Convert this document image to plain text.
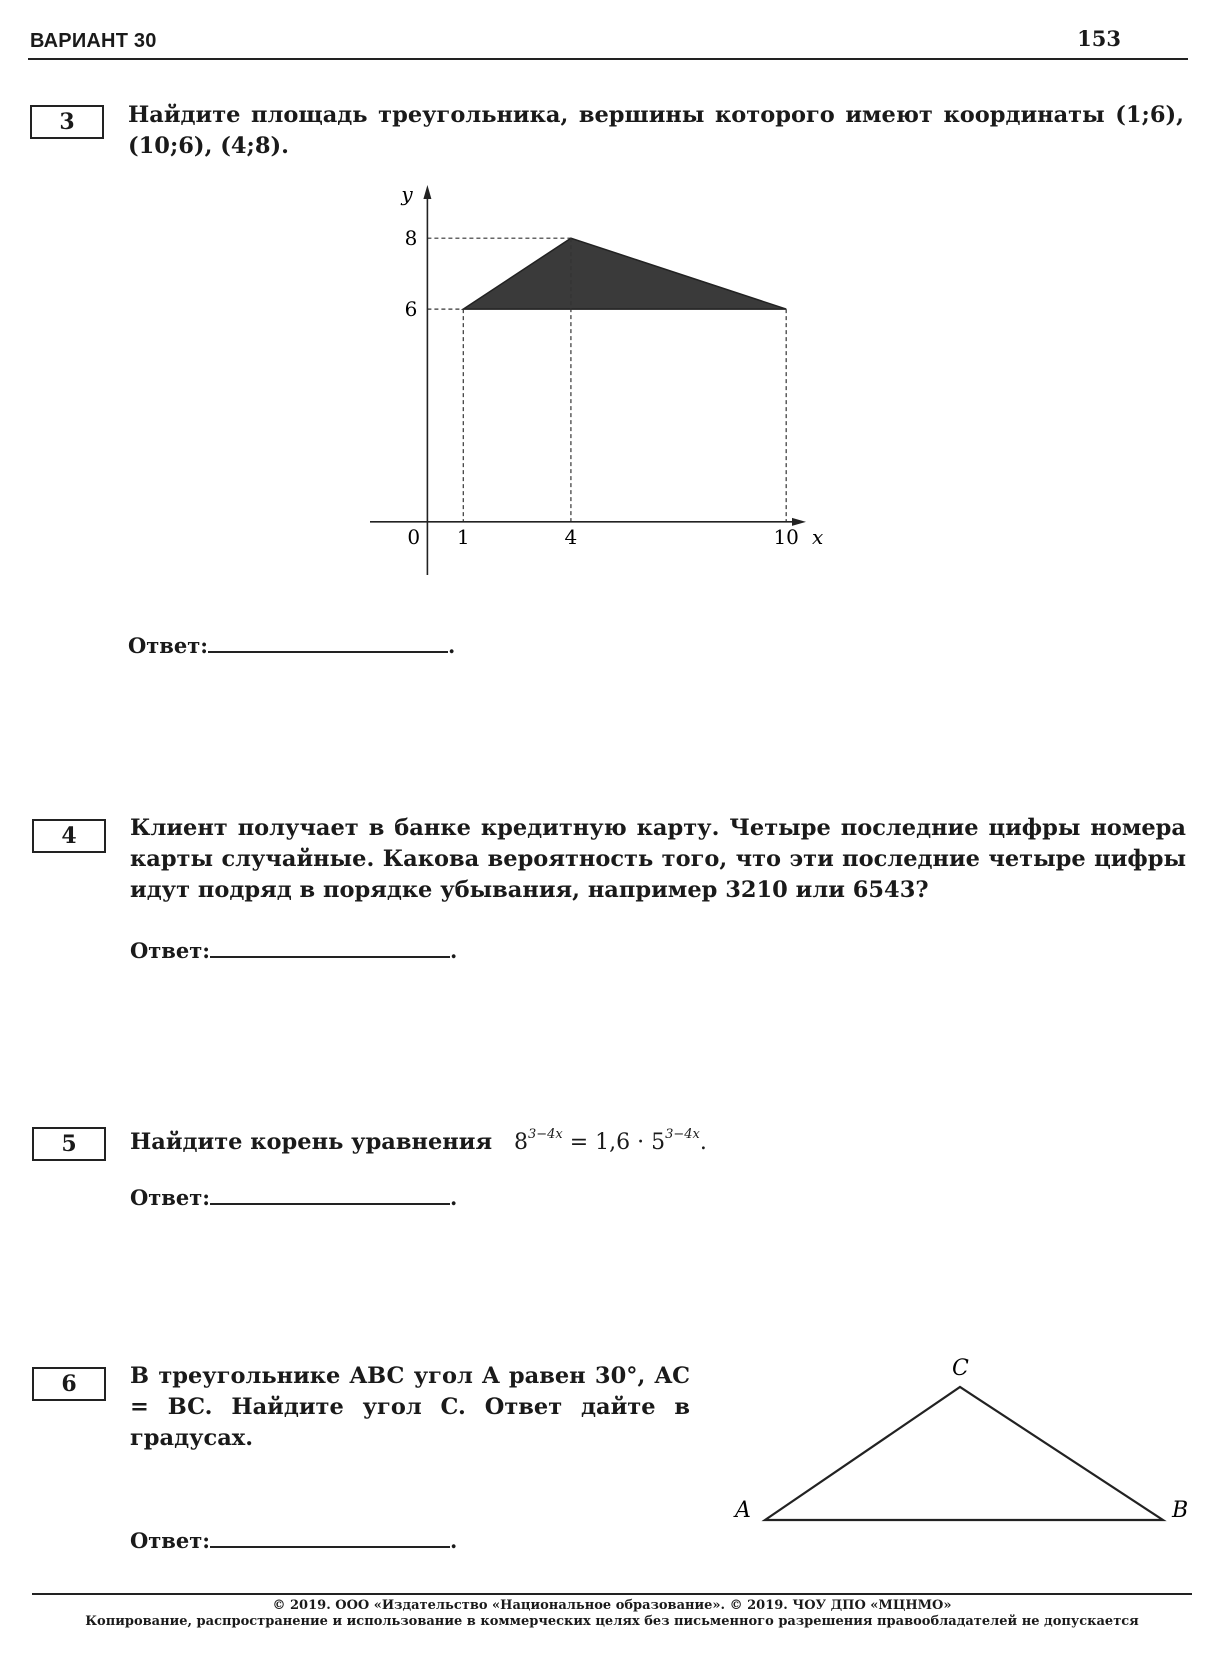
ВАРИАНТ 30	153
3	Найдите площадь треугольника, вершины которого имеют координаты (1;6), (10;6), (4;8).
x
y
0 1	4	10
6
8
Ответ:	.
4	Клиент получает в банке кредитную карту. Четыре последние цифры номера карты случайные. Какова вероятность того, что эти последние четыре цифры идут подряд в порядке убывания, например 3210 или 6543?
Ответ:	.
5	Найдите корень уравнения $8^{3-4x} = 1,6 \cdot 5^{3-4x}$.
Ответ:	.
6	В треугольнике ABC угол A равен 30°, AC = BC. Найдите угол C. Ответ дайте в градусах.
A	B
C
Ответ:	.
© 2019. ООО «Издательство «Национальное образование». © 2019. ЧОУ ДПО «МЦНМО»
Копирование, распространение и использование в коммерческих целях без письменного разрешения правообладателей не допускается
